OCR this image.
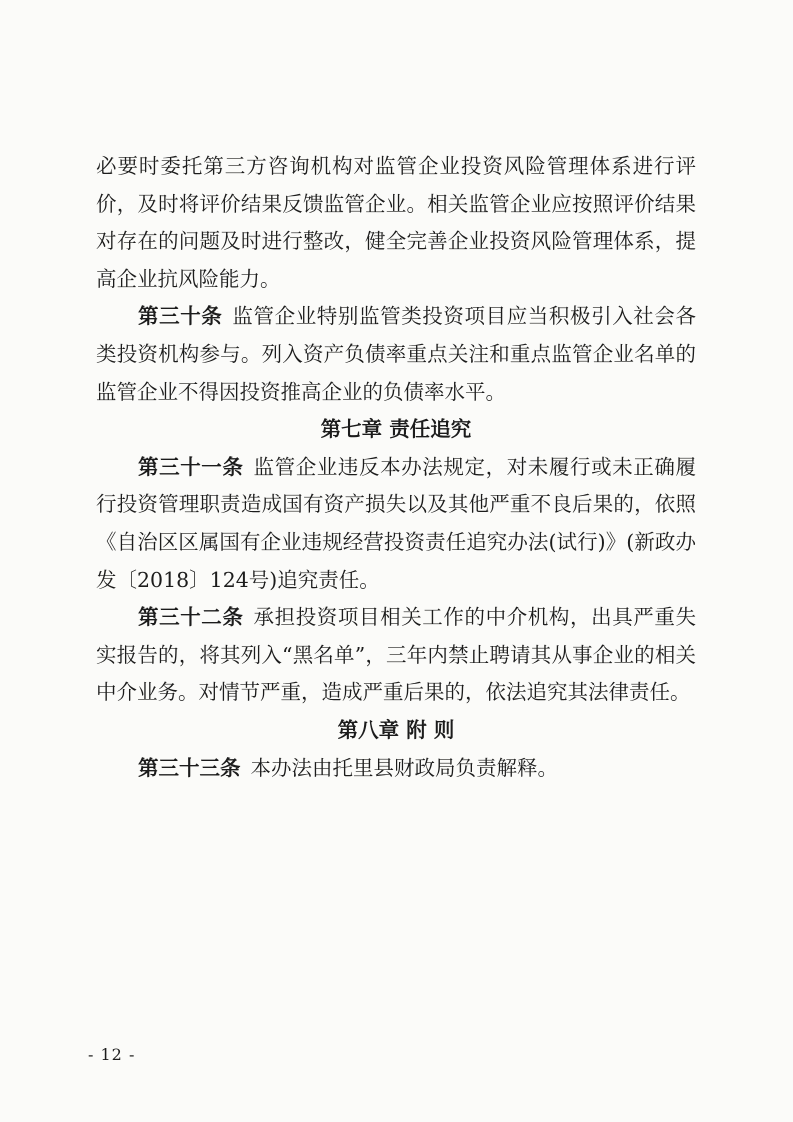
必要时委托第三方咨询机构对监管企业投资风险管理体系进行评价，及时将评价结果反馈监管企业。相关监管企业应按照评价结果对存在的问题及时进行整改，健全完善企业投资风险管理体系，提高企业抗风险能力。

第三十条 监管企业特别监管类投资项目应当积极引入社会各类投资机构参与。列入资产负债率重点关注和重点监管企业名单的监管企业不得因投资推高企业的负债率水平。

第七章 责任追究

第三十一条 监管企业违反本办法规定，对未履行或未正确履行投资管理职责造成国有资产损失以及其他严重不良后果的，依照《自治区区属国有企业违规经营投资责任追究办法(试行)》(新政办发〔2018〕124号)追究责任。

第三十二条 承担投资项目相关工作的中介机构，出具严重失实报告的，将其列入“黑名单”，三年内禁止聘请其从事企业的相关中介业务。对情节严重，造成严重后果的，依法追究其法律责任。

第八章 附 则

第三十三条 本办法由托里县财政局负责解释。

- 12 -
